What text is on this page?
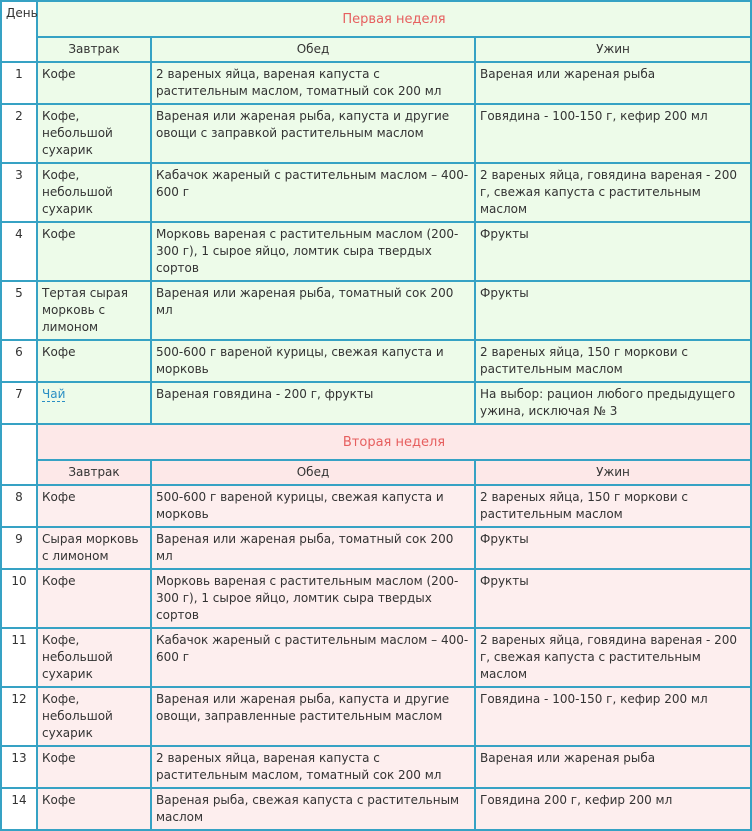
День	Первая неделя		
	Завтрак	Обед	Ужин
1	Кофе	2 вареных яйца, вареная капуста с растительным маслом, томатный сок 200 мл	Вареная или жареная рыба
2	Кофе, небольшой сухарик	Вареная или жареная рыба, капуста и другие овощи с заправкой растительным маслом	Говядина - 100-150 г, кефир 200 мл
3	Кофе, небольшой сухарик	Кабачок жареный с растительным маслом – 400-600 г	2 вареных яйца, говядина вареная - 200 г, свежая капуста с растительным маслом
4	Кофе	Морковь вареная с растительным маслом (200-300 г), 1 сырое яйцо, ломтик сыра твердых сортов	Фрукты
5	Тертая сырая морковь с лимоном	Вареная или жареная рыба, томатный сок 200 мл	Фрукты
6	Кофе	500-600 г вареной курицы, свежая капуста и морковь	2 вареных яйца, 150 г моркови с растительным маслом
7	Чай	Вареная говядина - 200 г, фрукты	На выбор: рацион любого предыдущего ужина, исключая № 3
	Вторая неделя		
	Завтрак	Обед	Ужин
8	Кофе	500-600 г вареной курицы, свежая капуста и морковь	2 вареных яйца, 150 г моркови с растительным маслом
9	Сырая морковь с лимоном	Вареная или жареная рыба, томатный сок 200 мл	Фрукты
10	Кофе	Морковь вареная с растительным маслом (200-300 г), 1 сырое яйцо, ломтик сыра твердых сортов	Фрукты
11	Кофе, небольшой сухарик	Кабачок жареный с растительным маслом – 400-600 г	2 вареных яйца, говядина вареная - 200 г, свежая капуста с растительным маслом
12	Кофе, небольшой сухарик	Вареная или жареная рыба, капуста и другие овощи, заправленные растительным маслом	Говядина - 100-150 г, кефир 200 мл
13	Кофе	2 вареных яйца, вареная капуста с растительным маслом, томатный сок 200 мл	Вареная или жареная рыба
14	Кофе	Вареная рыба, свежая капуста с растительным маслом	Говядина 200 г, кефир 200 мл
